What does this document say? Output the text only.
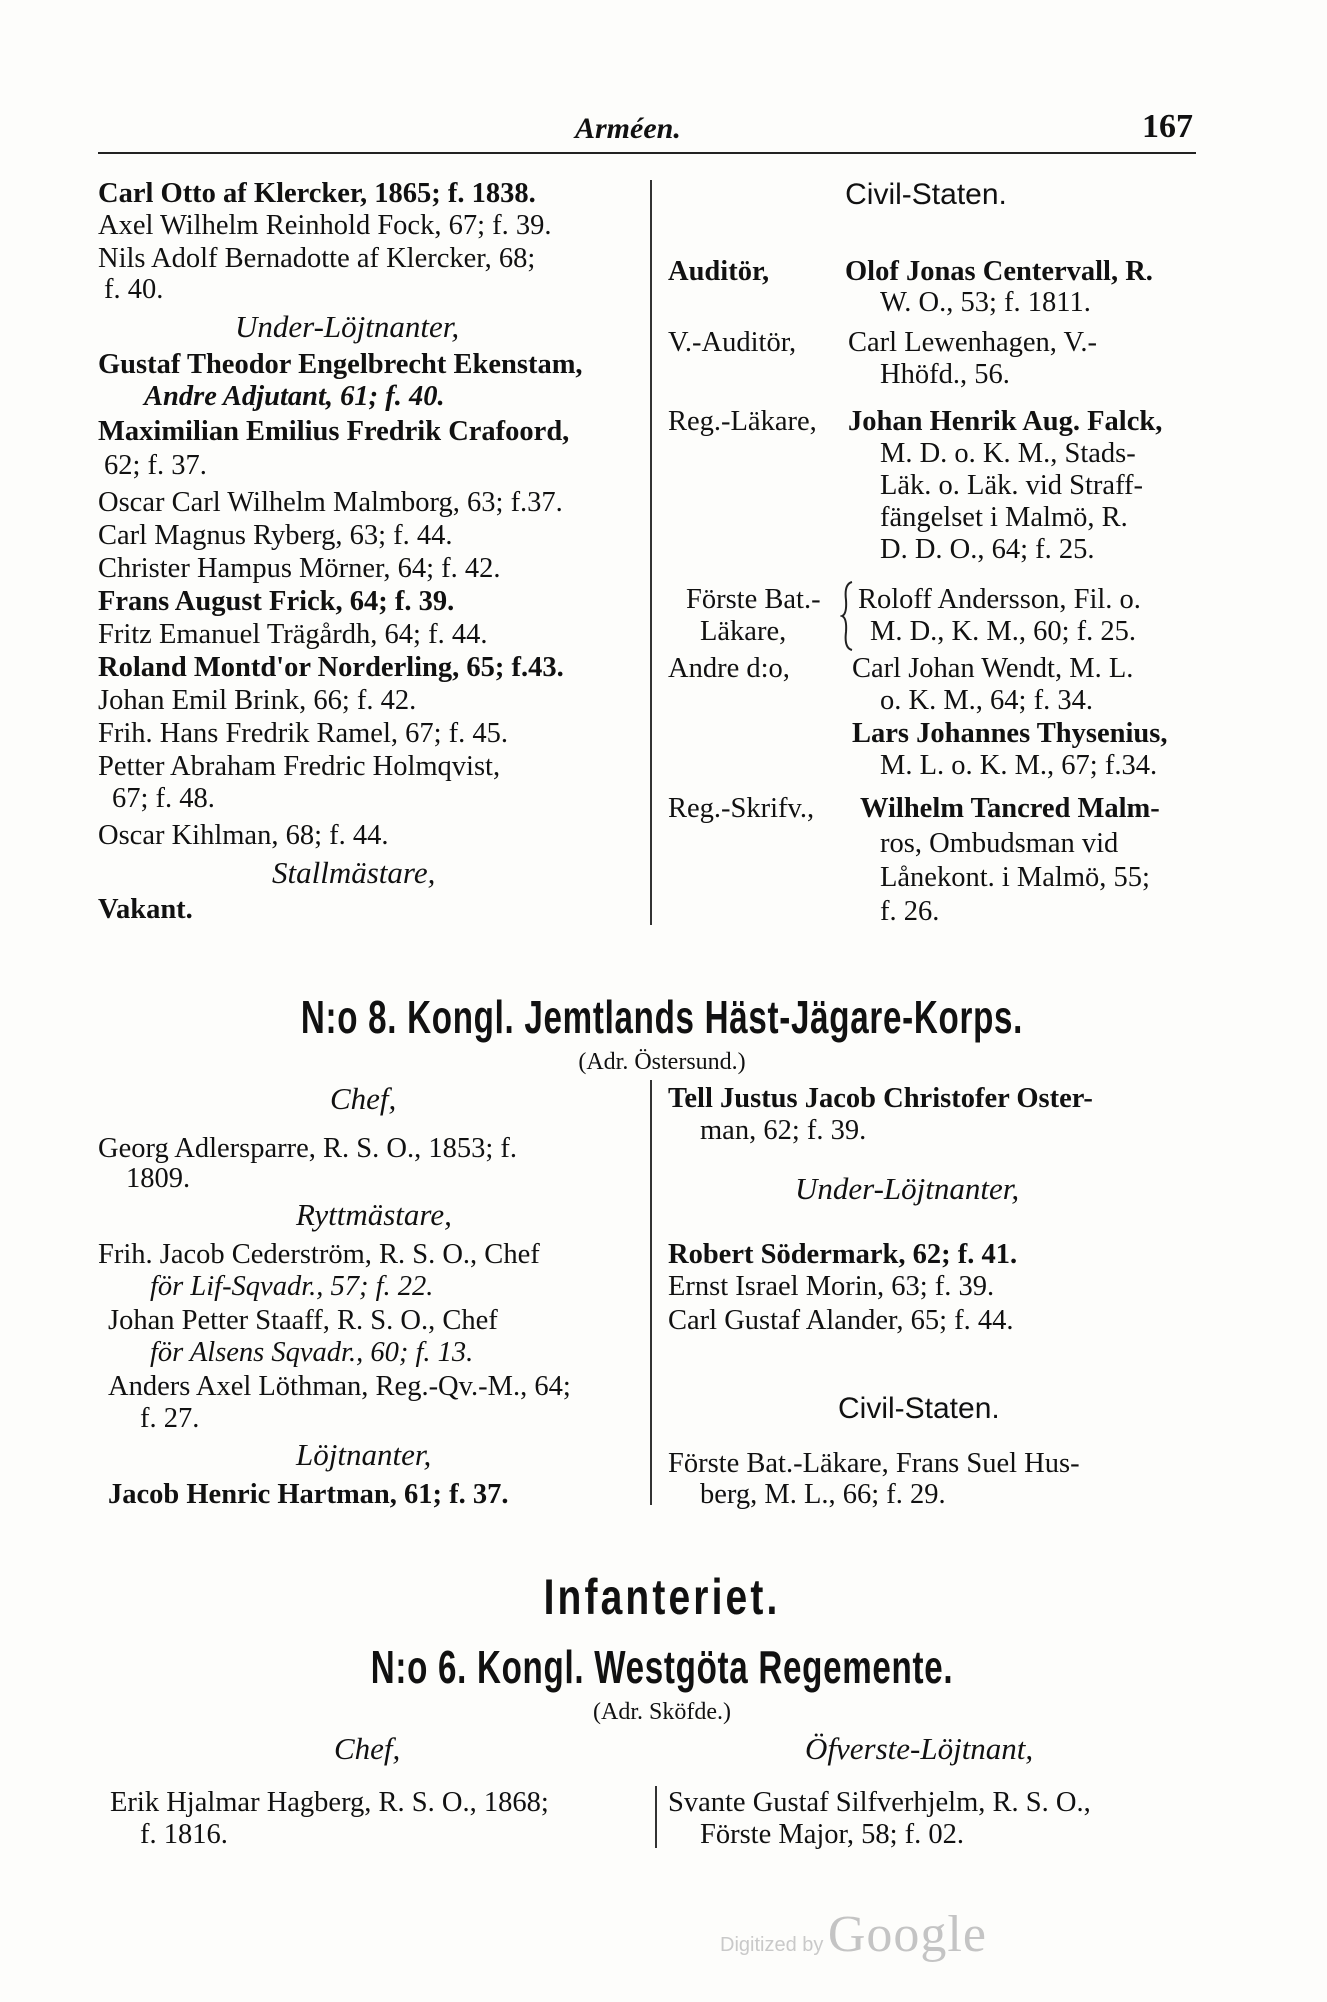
Arméen.	167
Carl Otto af Klercker, 1865; f. 1838.
Axel Wilhelm Reinhold Fock, 67; f. 39.
Nils Adolf Bernadotte af Klercker, 68;
f. 40.
Under-Löjtnanter,
Gustaf Theodor Engelbrecht Ekenstam,
Andre Adjutant, 61; f. 40.
Maximilian Emilius Fredrik Crafoord,
62; f. 37.
Oscar Carl Wilhelm Malmborg, 63; f.37.
Carl Magnus Ryberg, 63; f. 44.
Christer Hampus Mörner, 64; f. 42.
Frans August Frick, 64; f. 39.
Fritz Emanuel Trägårdh, 64; f. 44.
Roland Montd'or Norderling, 65; f.43.
Johan Emil Brink, 66; f. 42.
Frih. Hans Fredrik Ramel, 67; f. 45.
Petter Abraham Fredric Holmqvist,
67; f. 48.
Oscar Kihlman, 68; f. 44.
Stallmästare,
Vakant.
Civil-Staten.
Auditör,	Olof Jonas Centervall, R.
W. O., 53; f. 1811.
V.-Auditör, Carl Lewenhagen, V.-
Hhöfd., 56.
Reg.-Läkare, Johan Henrik Aug. Falck,
M. D. o. K. M., Stads-
Läk. o. Läk. vid Straff-
fängelset i Malmö, R.
D. D. O., 64; f. 25.
Förste Bat.-
Läkare,
Roloff Andersson, Fil. o.
M. D., K. M., 60; f. 25.
Andre d:o, Carl Johan Wendt, M. L.
o. K. M., 64; f. 34.
Lars Johannes Thysenius,
M. L. o. K. M., 67; f.34.
Reg.-Skrifv., Wilhelm Tancred Malm-
ros, Ombudsman vid
Lånekont. i Malmö, 55;
f. 26.
N:o 8. Kongl. Jemtlands Häst-Jägare-Korps.
(Adr. Östersund.)
Chef,
Georg Adlersparre, R. S. O., 1853; f.
1809.
Ryttmästare,
Frih. Jacob Cederström, R. S. O., Chef
för Lif-Sqvadr., 57; f. 22.
Johan Petter Staaff, R. S. O., Chef
för Alsens Sqvadr., 60; f. 13.
Anders Axel Löthman, Reg.-Qv.-M., 64;
f. 27.
Löjtnanter,
Jacob Henric Hartman, 61; f. 37.
Tell Justus Jacob Christofer Oster-
man, 62; f. 39.
Under-Löjtnanter,
Robert Södermark, 62; f. 41.
Ernst Israel Morin, 63; f. 39.
Carl Gustaf Alander, 65; f. 44.
Civil-Staten.
Förste Bat.-Läkare, Frans Suel Hus-
berg, M. L., 66; f. 29.
Infanteriet.
N:o 6. Kongl. Westgöta Regemente.
(Adr. Sköfde.)
Chef,
Erik Hjalmar Hagberg, R. S. O., 1868;
f. 1816.
Öfverste-Löjtnant,
Svante Gustaf Silfverhjelm, R. S. O.,
Förste Major, 58; f. 02.
Digitized by Google
